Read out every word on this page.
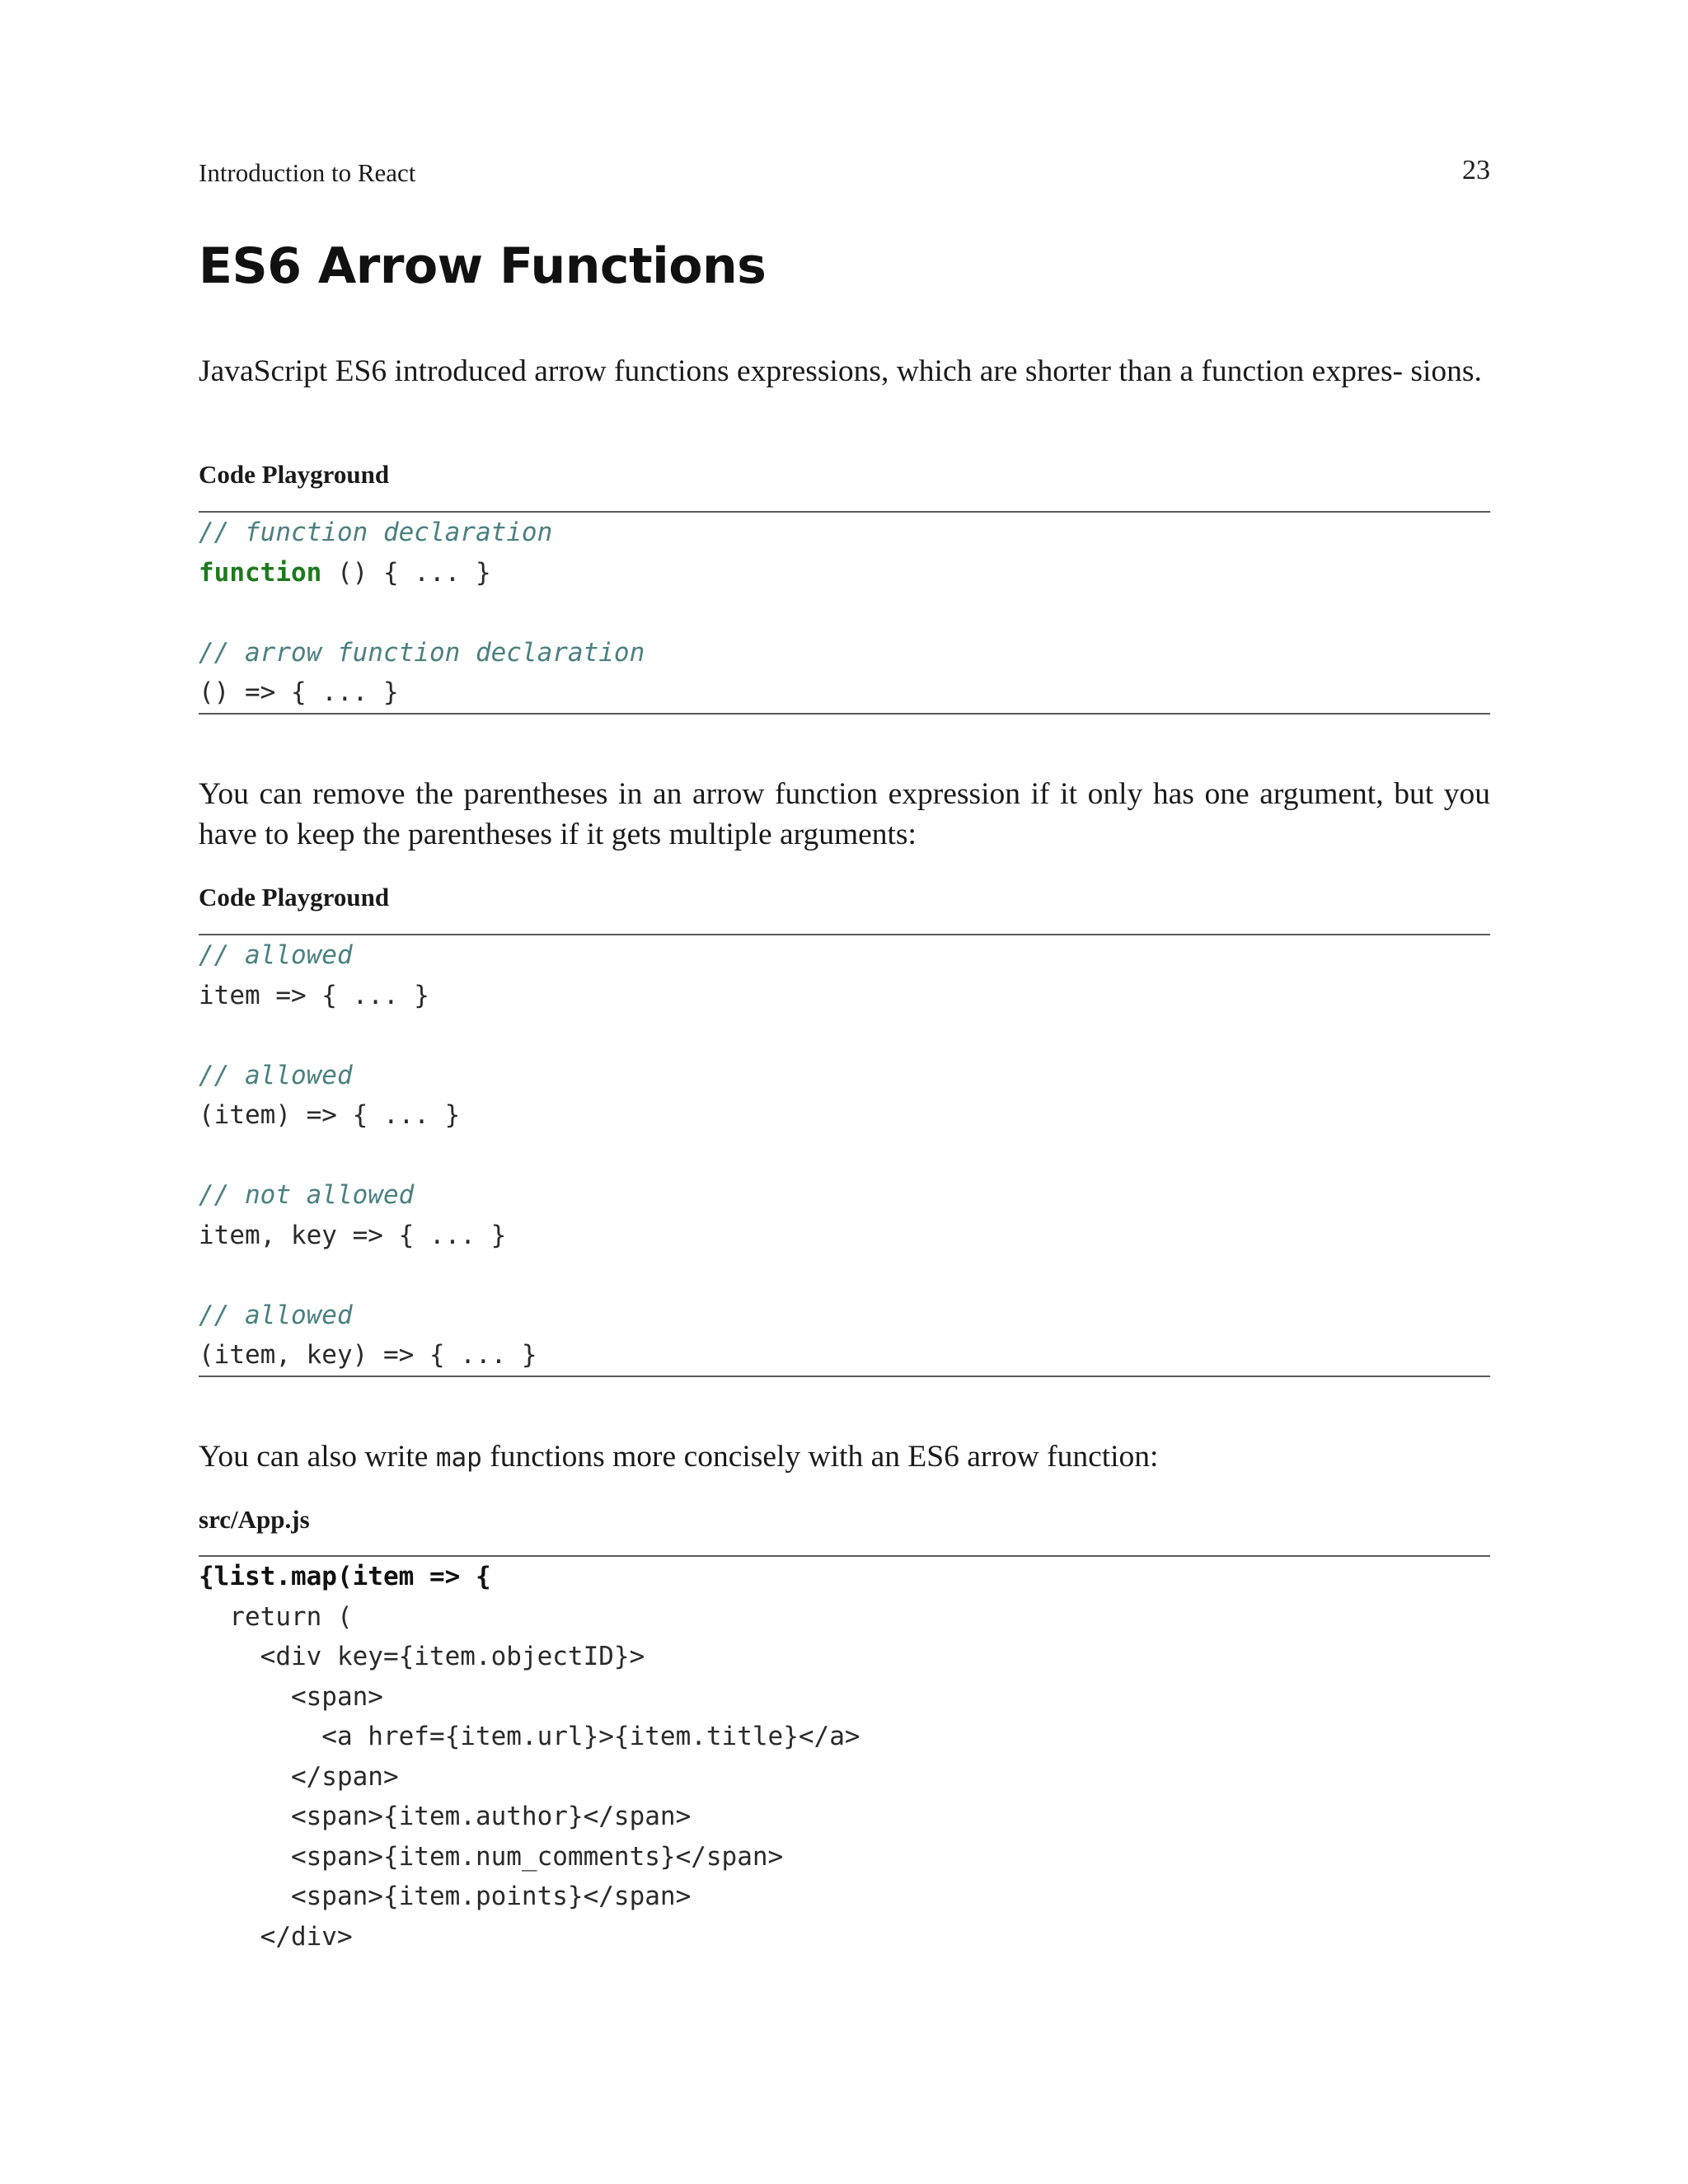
Introduction to React	23
ES6 Arrow Functions

JavaScript ES6 introduced arrow functions expressions, which are shorter than a function expres- sions.

Code Playground

// function declaration
function () { ... }
// arrow function declaration
() => { ... }

You can remove the parentheses in an arrow function expression if it only has one argument, but you have to keep the parentheses if it gets multiple arguments:

Code Playground

// allowed
item => { ... }
// allowed
(item) => { ... }
// not allowed
item, key => { ... }
// allowed
(item, key) => { ... }

You can also write map functions more concisely with an ES6 arrow function:

src/App.js

{list.map(item => {
return (
<div key={item.objectID}>
<span>
<a href={item.url}>{item.title}</a>
</span>
<span>{item.author}</span>
<span>{item.num_comments}</span>
<span>{item.points}</span>
</div>
